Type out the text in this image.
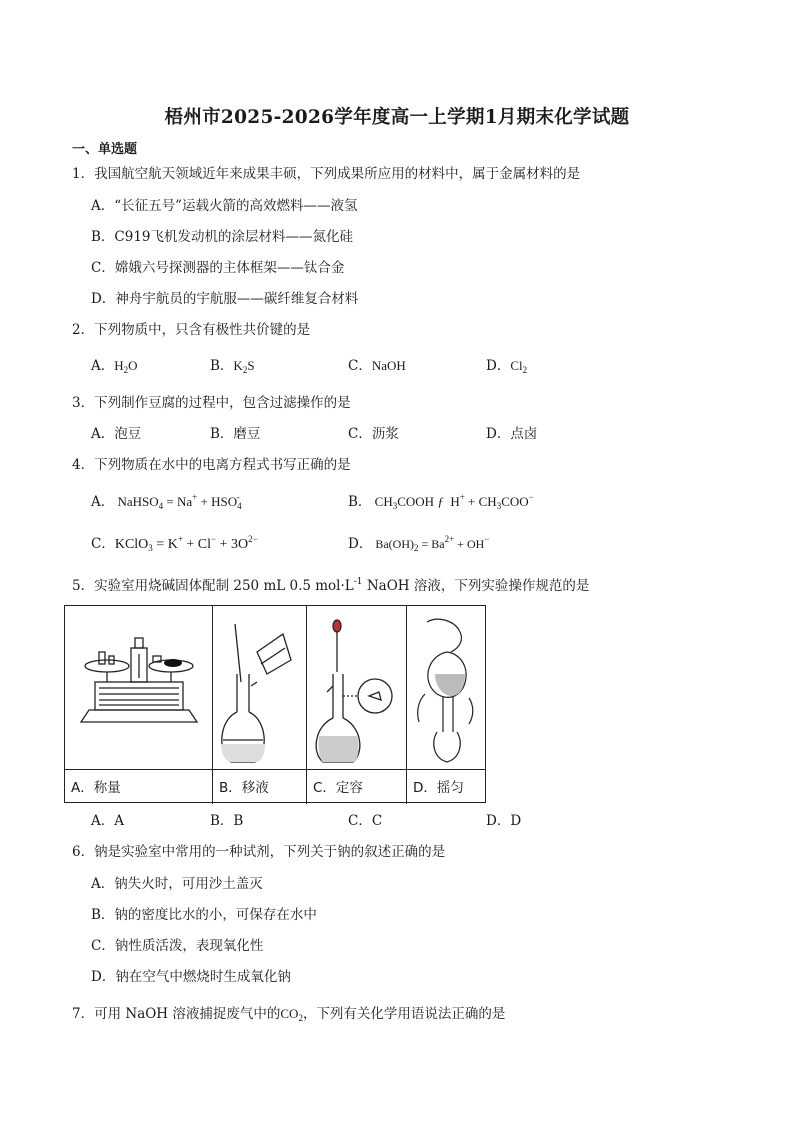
梧州市2025-2026学年度高一上学期1月期末化学试题
一、单选题
1．我国航空航天领域近年来成果丰硕，下列成果所应用的材料中，属于金属材料的是
A．“长征五号”运载火箭的高效燃料——液氢
B．C919飞机发动机的涂层材料——氮化硅
C．嫦娥六号探测器的主体框架——钛合金
D．神舟宇航员的宇航服——碳纤维复合材料
2．下列物质中，只含有极性共价键的是
A．$H_2O$	B．$K_2S$	C．NaOH	D．$Cl_2$
3．下列制作豆腐的过程中，包含过滤操作的是
A．泡豆	B．磨豆	C．沥浆	D．点卤
4．下列物质在水中的电离方程式书写正确的是
A． NaHSO$_4$ = $Na^+ + HSO_4^-$	B． $CH_3COOH$ ƒ  $H^+ + CH_3COO^-$
C．KClO$_3$ = $K^+ + Cl^- + 3O^{2-}$	D． $Ba(OH)_2 = Ba^{2+} + OH^-$
5．实验室用烧碱固体配制 250 mL 0.5 $mol\cdot L^{-1}$ NaOH 溶液，下列实验操作规范的是
A．称量	B．移液	C．定容	D．摇匀
A．A	B．B	C．C	D．D
6．钠是实验室中常用的一种试剂，下列关于钠的叙述正确的是
A．钠失火时，可用沙土盖灭
B．钠的密度比水的小，可保存在水中
C．钠性质活泼，表现氧化性
D．钠在空气中燃烧时生成氧化钠
7．可用 NaOH 溶液捕捉废气中的$CO_2$，下列有关化学用语说法正确的是
